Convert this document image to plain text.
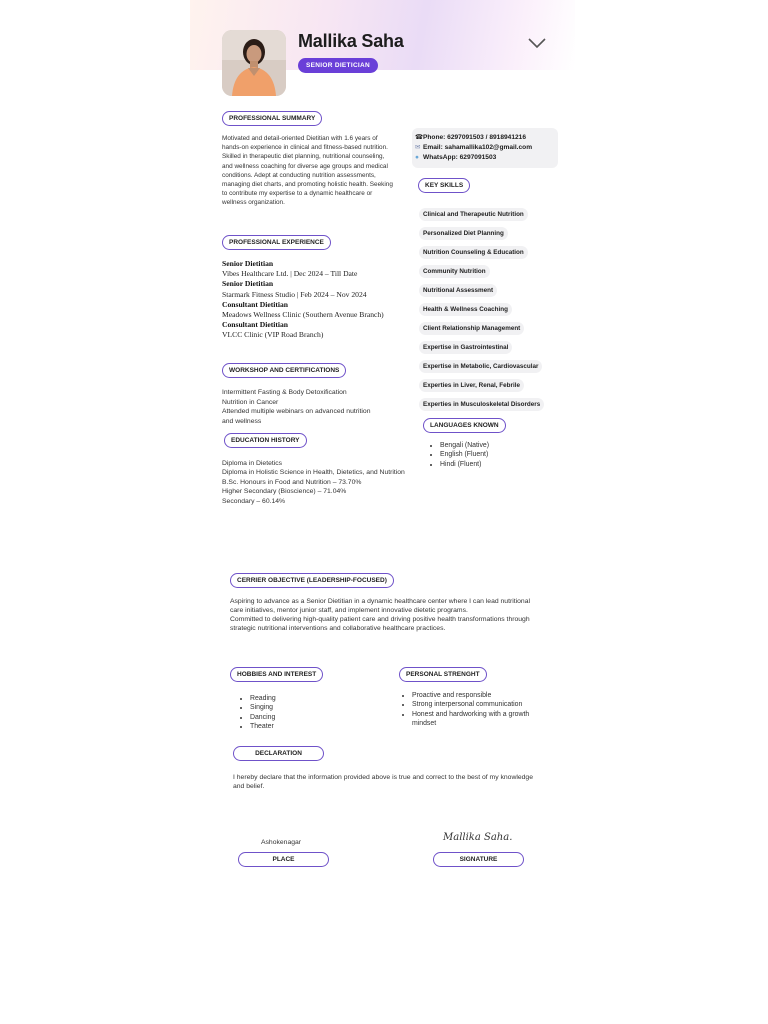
Mallika Saha
SENIOR DIETICIAN
PROFESSIONAL SUMMARY
Motivated and detail-oriented Dietitian with 1.6 years of hands-on experience in clinical and fitness-based nutrition. Skilled in therapeutic diet planning, nutritional counseling, and wellness coaching for diverse age groups and medical conditions. Adept at conducting nutrition assessments, managing diet charts, and promoting holistic health. Seeking to contribute my expertise to a dynamic healthcare or wellness organization.
PROFESSIONAL EXPERIENCE
Senior Dietitian
Vibes Healthcare Ltd. | Dec 2024 – Till Date
Senior Dietitian
Starmark Fitness Studio | Feb 2024 – Nov 2024
Consultant Dietitian
Meadows Wellness Clinic (Southern Avenue Branch)
Consultant Dietitian
VLCC Clinic (VIP Road Branch)
WORKSHOP AND CERTIFICATIONS
Intermittent Fasting & Body Detoxification
Nutrition in Cancer
Attended multiple webinars on advanced nutrition and wellness
EDUCATION HISTORY
Diploma in Dietetics
Diploma in Holistic Science in Health, Dietetics, and Nutrition
B.Sc. Honours in Food and Nutrition – 73.70%
Higher Secondary (Bioscience) – 71.04%
Secondary – 60.14%
☎Phone: 6297091503 / 8918941216
✉ Email: sahamallika102@gmail.com
● WhatsApp: 6297091503
KEY SKILLS
Clinical and Therapeutic Nutrition
Personalized Diet Planning
Nutrition Counseling & Education
Community Nutrition
Nutritional Assessment
Health & Wellness Coaching
Client Relationship Management
Expertise in Gastrointestinal
Expertise in Metabolic, Cardiovascular
Experties in Liver, Renal, Febrile
Experties in Musculoskeletal Disorders
LANGUAGES KNOWN
• Bengali (Native)
• English (Fluent)
• Hindi (Fluent)
CERRIER OBJECTIVE (LEADERSHIP-FOCUSED)
Aspiring to advance as a Senior Dietitian in a dynamic healthcare center where I can lead nutritional care initiatives, mentor junior staff, and implement innovative dietetic programs.
Committed to delivering high-quality patient care and driving positive health transformations through strategic nutritional interventions and collaborative healthcare practices.
HOBBIES AND INTEREST
• Reading
• Singing
• Dancing
• Theater
PERSONAL STRENGHT
• Proactive and responsible
• Strong interpersonal communication
• Honest and hardworking with a growth mindset
DECLARATION
I hereby declare that the information provided above is true and correct to the best of my knowledge and belief.
Ashokenagar
PLACE
Mallika Saha.
SIGNATURE
